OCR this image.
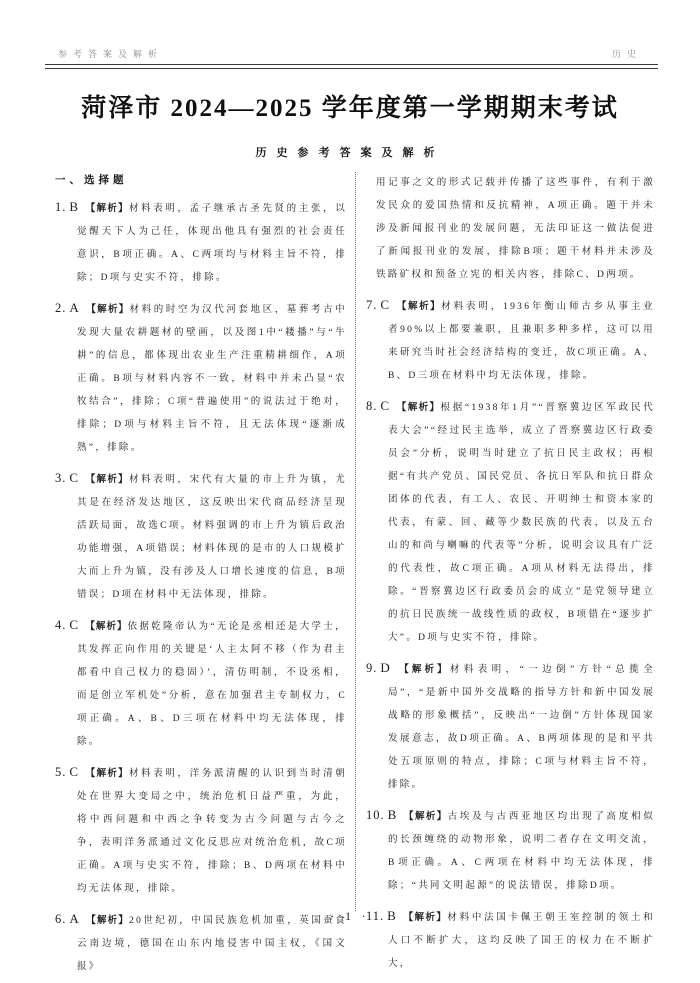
参考答案及解析	历史
菏泽市 2024—2025 学年度第一学期期末考试
历史参考答案及解析

一、选择题

1. B 【解析】材料表明，孟子继承古圣先贤的主张，以觉醒天下人为己任，体现出他具有强烈的社会责任意识，B项正确。A、C两项均与材料主旨不符，排除；D项与史实不符，排除。

2. A 【解析】材料的时空为汉代河套地区，墓葬考古中发现大量农耕题材的壁画，以及图1中“耧播”与“牛耕”的信息，都体现出农业生产注重精耕细作，A项正确。B项与材料内容不一致，材料中并未凸显“农牧结合”，排除；C项“普遍使用”的说法过于绝对，排除；D项与材料主旨不符，且无法体现“逐渐成熟”，排除。

3. C 【解析】材料表明，宋代有大量的市上升为镇，尤其是在经济发达地区，这反映出宋代商品经济呈现活跃局面，故选C项。材料强调的市上升为镇后政治功能增强，A项错误；材料体现的是市的人口规模扩大而上升为镇，没有涉及人口增长速度的信息，B项错误；D项在材料中无法体现，排除。

4. C 【解析】依据乾隆帝认为“无论是丞相还是大学士，其发挥正向作用的关键是‘人主太阿不移（作为君主都看中自己权力的稳固）’，清仿明制，不设丞相，而是创立军机处”分析，意在加强君主专制权力，C项正确。A、B、D三项在材料中均无法体现，排除。

5. C 【解析】材料表明，洋务派清醒的认识到当时清朝处在世界大变局之中，统治危机日益严重，为此，将中西问题和中西之争转变为古今问题与古今之争，表明洋务派通过文化反思应对统治危机，故C项正确。A项与史实不符，排除；B、D两项在材料中均无法体现，排除。

6. A 【解析】20世纪初，中国民族危机加重，英国蚕食云南边境，德国在山东内地侵害中国主权，《国文报》

用记事之文的形式记载并传播了这些事件，有利于激发民众的爱国热情和反抗精神，A项正确。题干并未涉及新闻报刊业的发展问题，无法印证这一做法促进了新闻报刊业的发展，排除B项；题干材料并未涉及铁路矿权和预备立宪的相关内容，排除C、D两项。

7. C 【解析】材料表明，1936年衡山师古乡从事主业者90%以上都要兼职，且兼职多种多样，这可以用来研究当时社会经济结构的变迁，故C项正确。A、B、D三项在材料中均无法体现，排除。

8. C 【解析】根据“1938年1月”“晋察冀边区军政民代表大会”“经过民主选举，成立了晋察冀边区行政委员会”分析，说明当时建立了抗日民主政权；再根据“有共产党员、国民党员、各抗日军队和抗日群众团体的代表，有工人、农民、开明绅士和资本家的代表，有蒙、回、藏等少数民族的代表，以及五台山的和尚与喇嘛的代表等”分析，说明会议具有广泛的代表性，故C项正确。A项从材料无法得出，排除。“晋察冀边区行政委员会的成立”是党领导建立的抗日民族统一战线性质的政权，B项错在“逐步扩大”。D项与史实不符，排除。

9. D 【解析】材料表明，“一边倒”方针“总揽全局”，“是新中国外交战略的指导方针和新中国发展战略的形象概括”，反映出“一边倒”方针体现国家发展意志，故D项正确。A、B两项体现的是和平共处五项原则的特点，排除；C项与材料主旨不符，排除。

10. B 【解析】古埃及与古西亚地区均出现了高度相似的长颈缠绕的动物形象，说明二者存在文明交流，B项正确。A、C两项在材料中均无法体现，排除；“共同文明起源”的说法错误，排除D项。

11. B 【解析】材料中法国卡佩王朝王室控制的领土和人口不断扩大，这均反映了国王的权力在不断扩大，

· 1 ·
